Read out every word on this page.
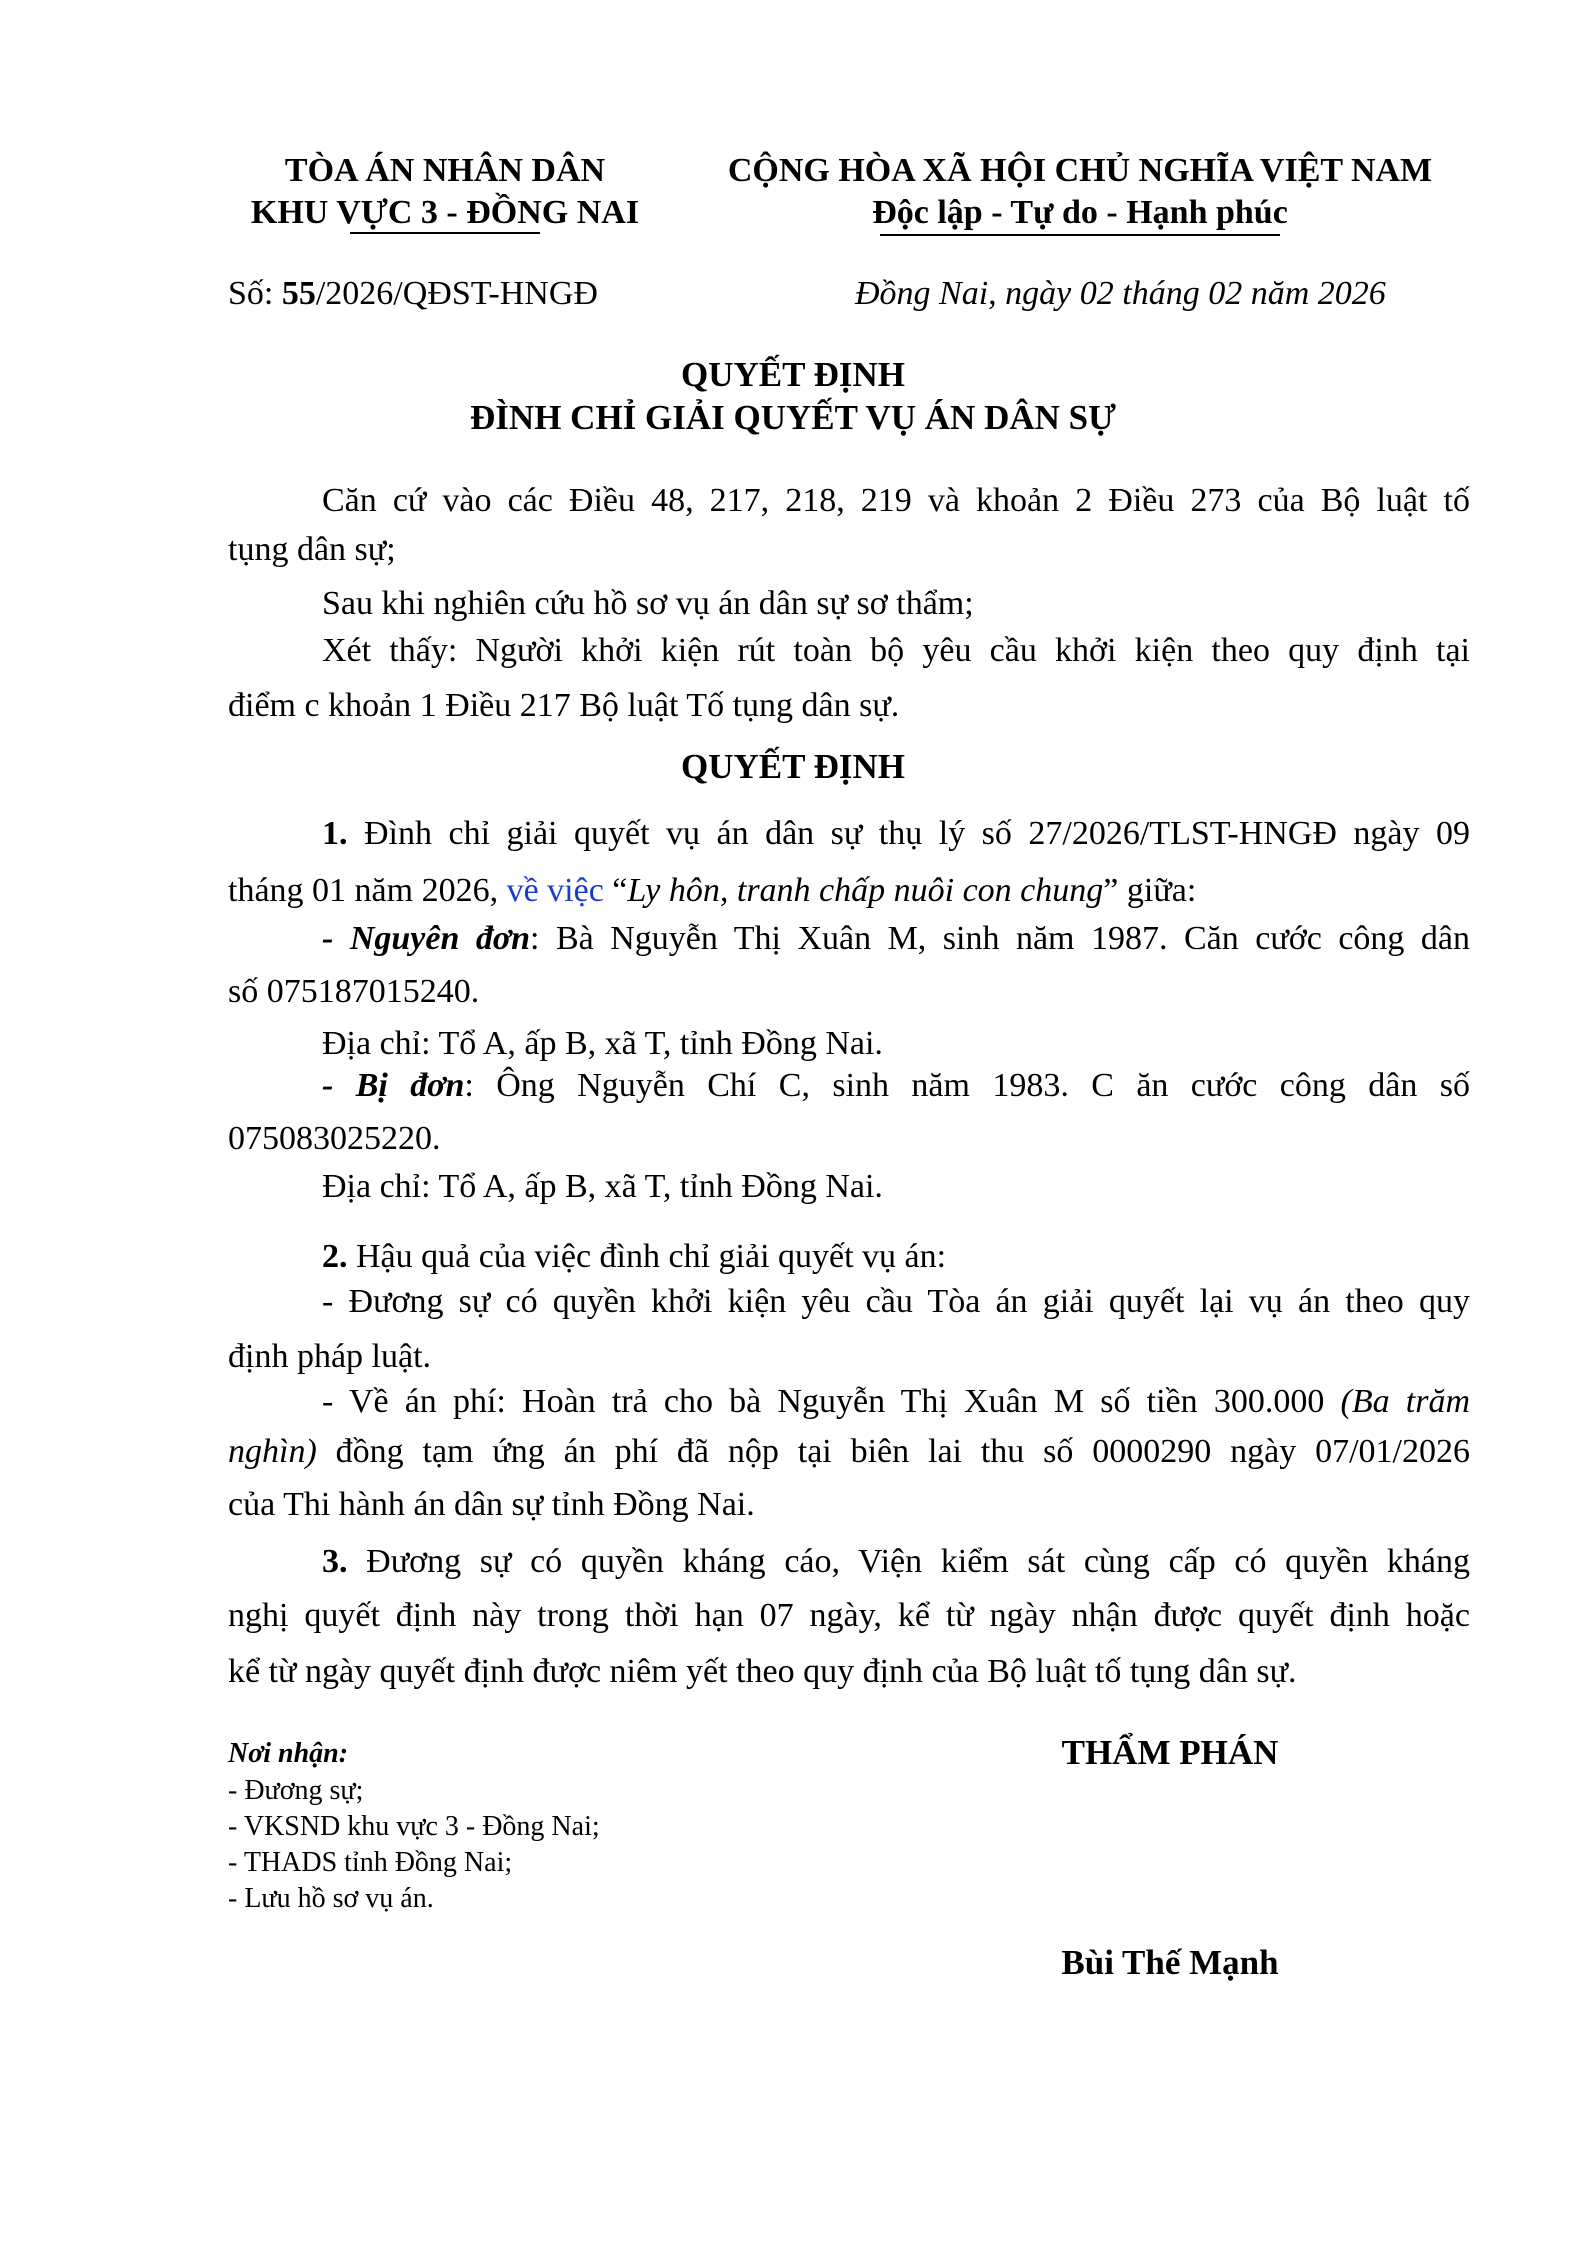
TÒA ÁN NHÂN DÂN
KHU VỰC 3 - ĐỒNG NAI
CỘNG HÒA XÃ HỘI CHỦ NGHĨA VIỆT NAM
Độc lập - Tự do - Hạnh phúc
Số: 55/2026/QĐST-HNGĐ	Đồng Nai, ngày 02 tháng 02 năm 2026
QUYẾT ĐỊNH
ĐÌNH CHỈ GIẢI QUYẾT VỤ ÁN DÂN SỰ
Căn cứ vào các Điều 48, 217, 218, 219 và khoản 2 Điều 273 của Bộ luật tố
tụng dân sự;
Sau khi nghiên cứu hồ sơ vụ án dân sự sơ thẩm;
Xét thấy: Người khởi kiện rút toàn bộ yêu cầu khởi kiện theo quy định tại
điểm c khoản 1 Điều 217 Bộ luật Tố tụng dân sự.
QUYẾT ĐỊNH
1. Đình chỉ giải quyết vụ án dân sự thụ lý số 27/2026/TLST-HNGĐ ngày 09
tháng 01 năm 2026, về việc “Ly hôn, tranh chấp nuôi con chung” giữa:
- Nguyên đơn: Bà Nguyễn Thị Xuân M, sinh năm 1987. Căn cước công dân
số 075187015240.
Địa chỉ: Tổ A, ấp B, xã T, tỉnh Đồng Nai.
- Bị đơn: Ông Nguyễn Chí C, sinh năm 1983. C ăn cước công dân số
075083025220.
Địa chỉ: Tổ A, ấp B, xã T, tỉnh Đồng Nai.
2. Hậu quả của việc đình chỉ giải quyết vụ án:
- Đương sự có quyền khởi kiện yêu cầu Tòa án giải quyết lại vụ án theo quy
định pháp luật.
- Về án phí: Hoàn trả cho bà Nguyễn Thị Xuân M số tiền 300.000 (Ba trăm
nghìn) đồng tạm ứng án phí đã nộp tại biên lai thu số 0000290 ngày 07/01/2026
của Thi hành án dân sự tỉnh Đồng Nai.
3. Đương sự có quyền kháng cáo, Viện kiểm sát cùng cấp có quyền kháng
nghị quyết định này trong thời hạn 07 ngày, kể từ ngày nhận được quyết định hoặc
kể từ ngày quyết định được niêm yết theo quy định của Bộ luật tố tụng dân sự.
Nơi nhận:
- Đương sự;
- VKSND khu vực 3 - Đồng Nai;
- THADS tỉnh Đồng Nai;
- Lưu hồ sơ vụ án.
THẨM PHÁN
Bùi Thế Mạnh
